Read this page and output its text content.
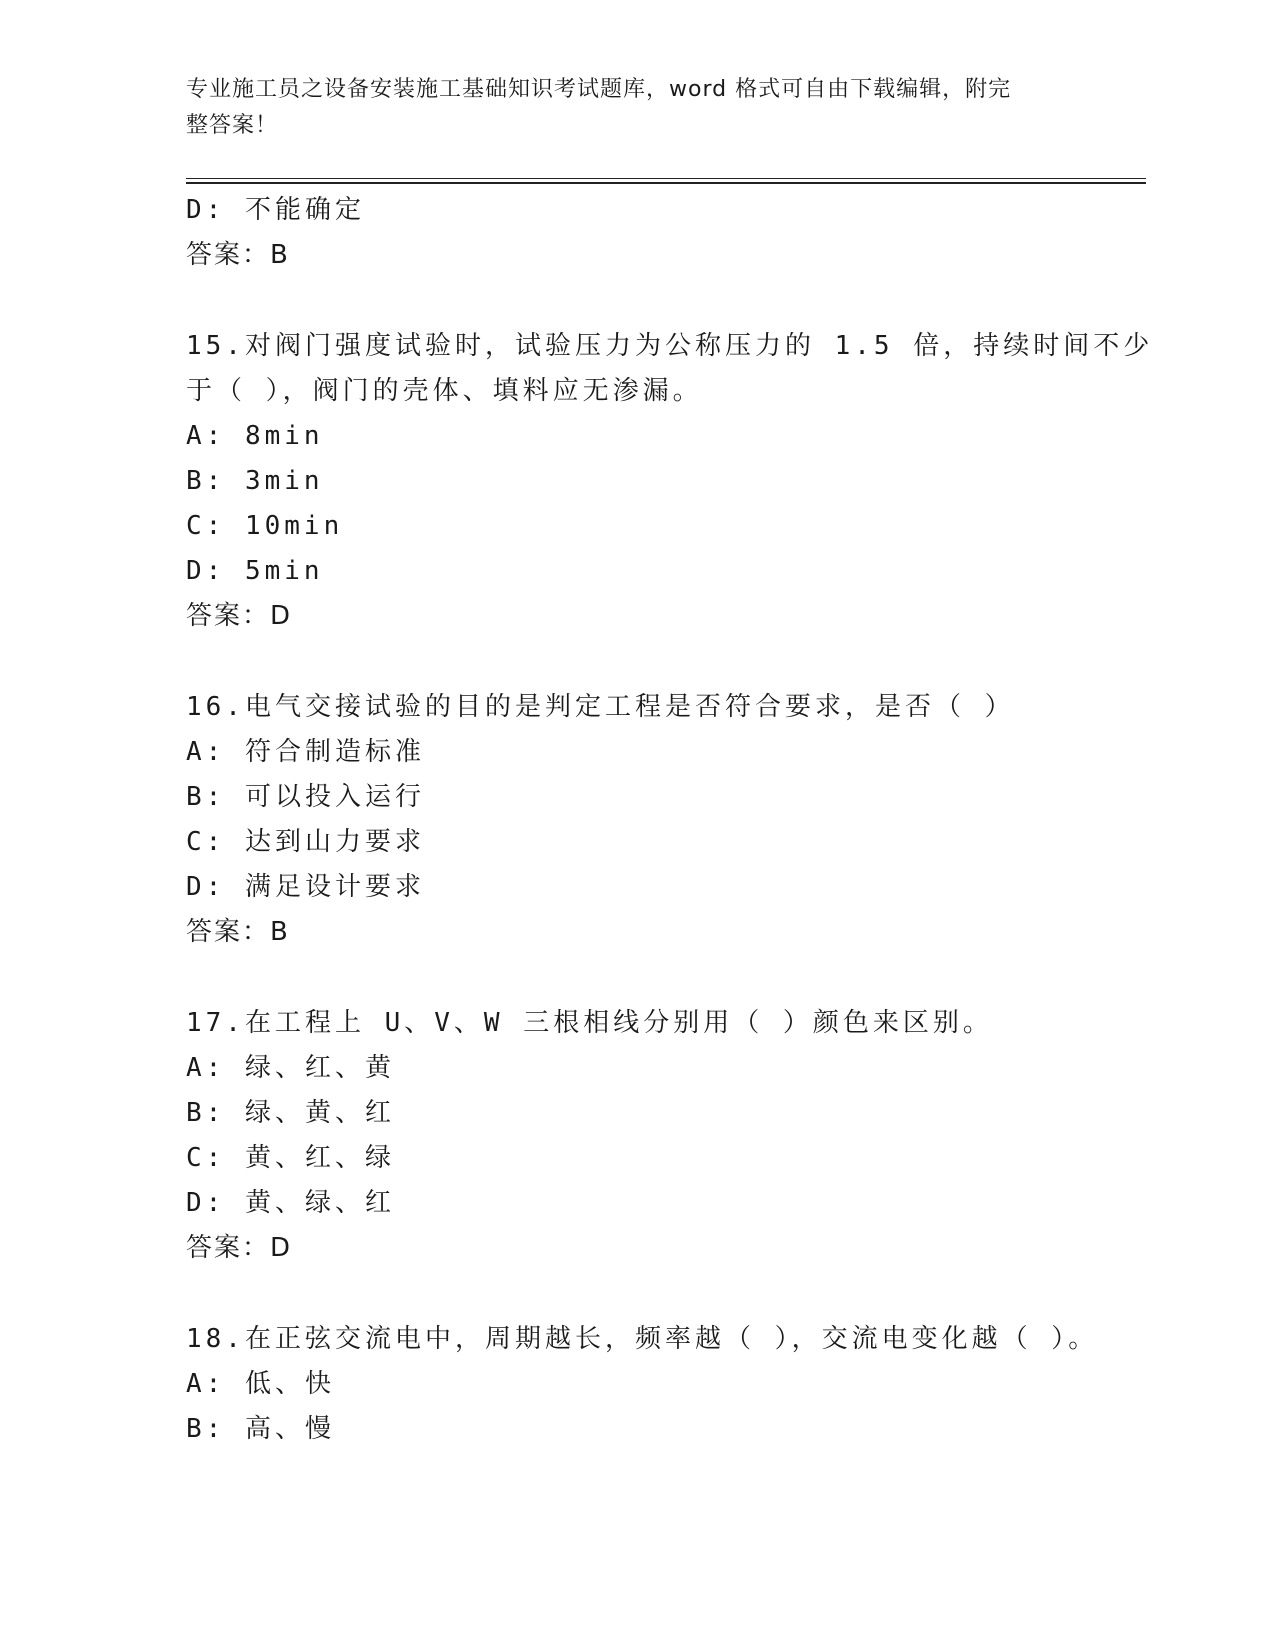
专业施工员之设备安装施工基础知识考试题库，word 格式可自由下载编辑，附完
整答案！
D: 不能确定
答案：B
15.对阀门强度试验时，试验压力为公称压力的 1.5 倍，持续时间不少
于（ ），阀门的壳体、填料应无渗漏。
A: 8min
B: 3min
C: 10min
D: 5min
答案：D
16.电气交接试验的目的是判定工程是否符合要求，是否（ ）
A: 符合制造标准
B: 可以投入运行
C: 达到山力要求
D: 满足设计要求
答案：B
17.在工程上 U、V、W 三根相线分别用（ ）颜色来区别。
A: 绿、红、黄
B: 绿、黄、红
C: 黄、红、绿
D: 黄、绿、红
答案：D
18.在正弦交流电中，周期越长，频率越（ ），交流电变化越（ ）。
A: 低、快
B: 高、慢
